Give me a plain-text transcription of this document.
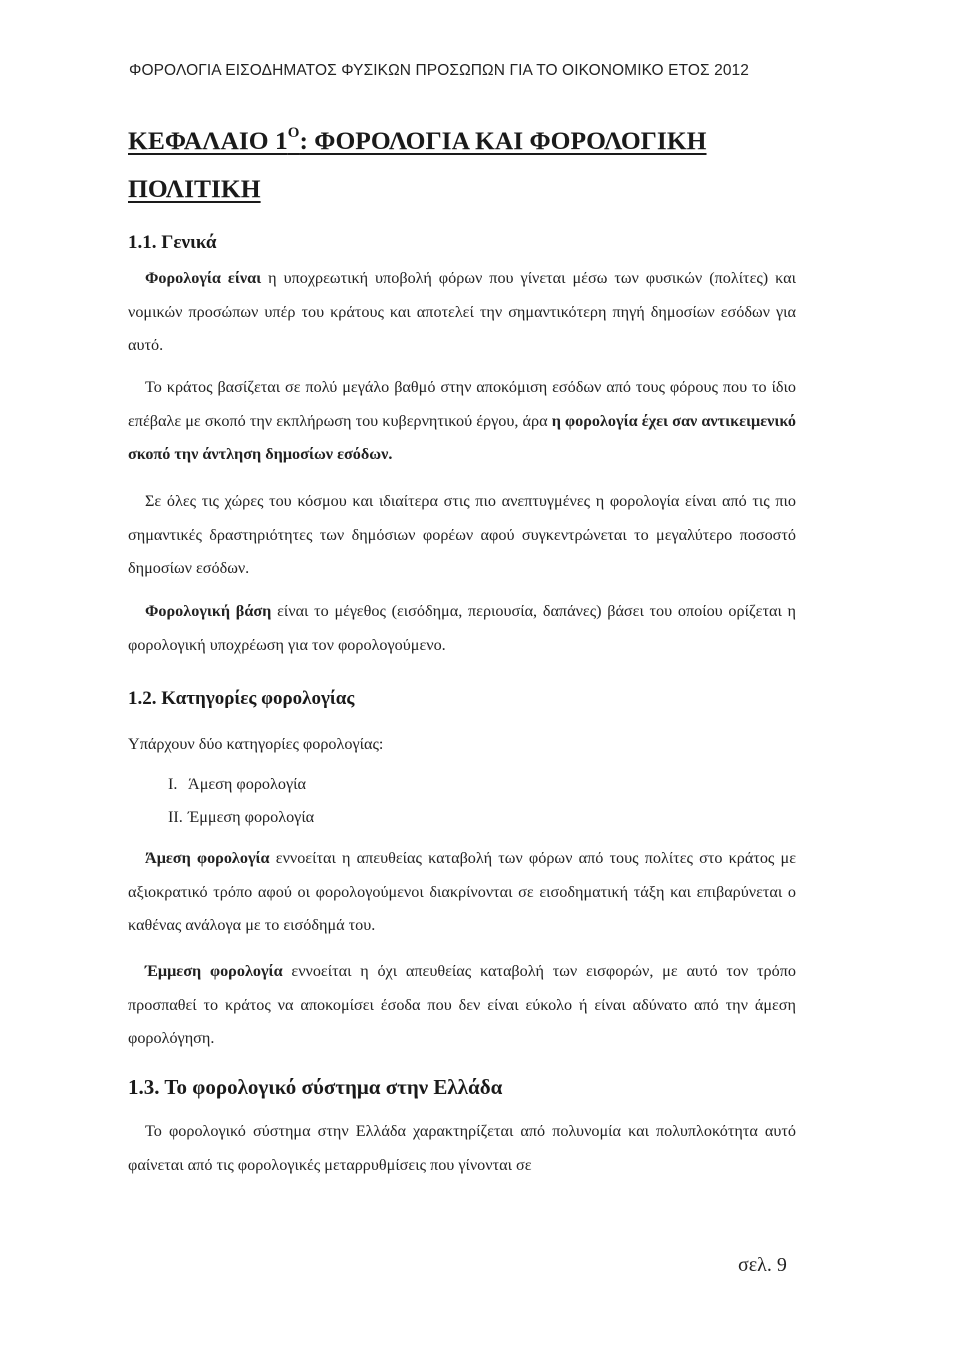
ΦΟΡΟΛΟΓΙΑ ΕΙΣΟΔΗΜΑΤΟΣ ΦΥΣΙΚΩΝ ΠΡΟΣΩΠΩΝ ΓΙΑ ΤΟ ΟΙΚΟΝΟΜΙΚΟ ΕΤΟΣ 2012
ΚΕΦΑΛΑΙΟ $1^O$: ΦΟΡΟΛΟΓΙΑ ΚΑΙ ΦΟΡΟΛΟΓΙΚΗ ΠΟΛΙΤΙΚΗ
1.1. Γενικά
Φορολογία είναι η υποχρεωτική υποβολή φόρων που γίνεται μέσω των φυσικών (πολίτες) και νομικών προσώπων υπέρ του κράτους και αποτελεί την σημαντικότερη πηγή δημοσίων εσόδων για αυτό.
Το κράτος βασίζεται σε πολύ μεγάλο βαθμό στην αποκόμιση εσόδων από τους φόρους που το ίδιο επέβαλε με σκοπό την εκπλήρωση του κυβερνητικού έργου, άρα η φορολογία έχει σαν αντικειμενικό σκοπό την άντληση δημοσίων εσόδων.
Σε όλες τις χώρες του κόσμου και ιδιαίτερα στις πιο ανεπτυγμένες η φορολογία είναι από τις πιο σημαντικές δραστηριότητες των δημόσιων φορέων αφού συγκεντρώνεται το μεγαλύτερο ποσοστό δημοσίων εσόδων.
Φορολογική βάση είναι το μέγεθος (εισόδημα, περιουσία, δαπάνες) βάσει του οποίου ορίζεται η φορολογική υποχρέωση για τον φορολογούμενο.
1.2. Κατηγορίες φορολογίας
Υπάρχουν δύο κατηγορίες φορολογίας:
I. Άμεση φορολογία
II. Έμμεση φορολογία
Άμεση φορολογία εννοείται η απευθείας καταβολή των φόρων από τους πολίτες στο κράτος με αξιοκρατικό τρόπο αφού οι φορολογούμενοι διακρίνονται σε εισοδηματική τάξη και επιβαρύνεται ο καθένας ανάλογα με το εισόδημά του.
Έμμεση φορολογία εννοείται η όχι απευθείας καταβολή των εισφορών, με αυτό τον τρόπο προσπαθεί το κράτος να αποκομίσει έσοδα που δεν είναι εύκολο ή είναι αδύνατο από την άμεση φορολόγηση.
1.3. Το φορολογικό σύστημα στην Ελλάδα
Το φορολογικό σύστημα στην Ελλάδα χαρακτηρίζεται από πολυνομία και πολυπλοκότητα αυτό φαίνεται από τις φορολογικές μεταρρυθμίσεις που γίνονται σε
σελ. 9
